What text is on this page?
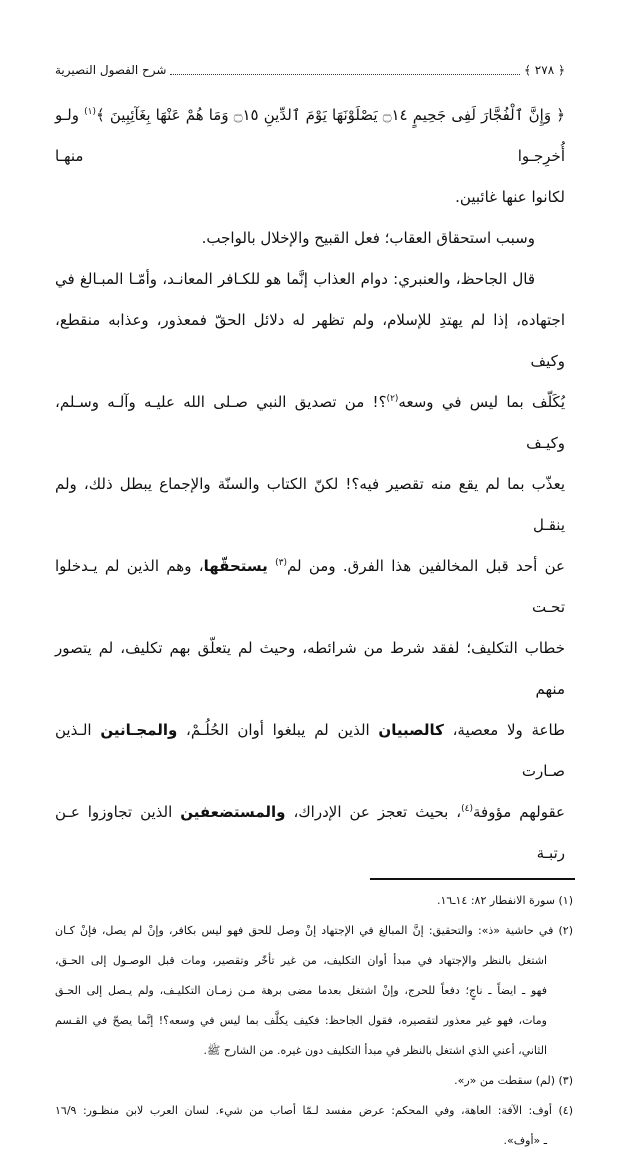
﴿ ٢٧٨ ﴾
شرح الفصول النصيرية
﴿ وَإِنَّ ٱلْفُجَّارَ لَفِى جَحِيمٍ ۝١٤ يَصْلَوْنَهَا يَوْمَ ٱلدِّينِ ۝١٥ وَمَا هُمْ عَنْهَا بِغَآئِبِينَ ﴾$^{(١)}$ ولـو أُخرِجـوا منهـا
لكانوا عنها غائبين.
وسبب استحقاق العقاب؛ فعل القبيح والإخلال بالواجب.
قال الجاحظ، والعنبري: دوام العذاب إنَّما هو للكـافر المعانـد، وأمّـا المبـالغ في
اجتهاده، إذا لم يهتدِ للإسلام، ولم تظهر له دلائل الحقّ فمعذور، وعذابه منقطع، وكيف
يُكَلّف بما ليس في وسعه$^{(٢)}$؟! من تصديق النبي صـلى الله عليـه وآلـه وسـلم، وكيـف
يعذّب بما لم يقع منه تقصير فيه؟! لكنّ الكتاب والسنّة والإجماع يبطل ذلك، ولم ينقـل
عن أحد قبل المخالفين هذا الفرق. ومن لم$^{(٣)}$ يستحقّها، وهم الذين لم يـدخلوا تحـت
خطاب التكليف؛ لفقد شرط من شرائطه، وحيث لم يتعلّق بهم تكليف، لم يتصور منهم
طاعة ولا معصية، كالصبيان الذين لم يبلغوا أوان الحُلُـمْ، والمجـانين الـذين صـارت
عقولهم مؤوفة$^{(٤)}$، بحيث تعجز عن الإدراك، والمستضعفين الذين تجاوزوا عـن رتبـة
(١) سورة الانفطار ٨٢: ١٤ـ١٦.
(٢) في حاشية «ذ»: والتحقيق: إنَّ المبالغ في الإجتهاد إنْ وصل للحق فهو ليس بكافر، وإنْ لم يصل، فإنْ كـان
اشتغل بالنظر والإجتهاد في مبدأ أوان التكليف، من غير تأخّر وتقصير، ومات قبل الوصـول إلى الحـق،
فهو ـ ايضاً ـ ناجٍ؛ دفعاً للحرج، وإنْ اشتغل بعدما مضى برهة مـن زمـان التكليـف، ولم يـصل إلى الحـق
ومات، فهو غير معذور لتقصيره، فقول الجاحظ: فكيف يكلَّف بما ليس في وسعه؟! إنَّما يصحّ في القـسم
الثاني، أعني الذي اشتغل بالنظر في مبدأ التكليف دون غيره. من الشارح ﷺ.
(٣) (لم) سقطت من «ر».
(٤) أوف: الآفة: العاهة، وفي المحكم: عرض مفسد لـمّا أصاب من شيء. لسان العرب لابن منظـور: ١٦/٩
ـ «أوف».
